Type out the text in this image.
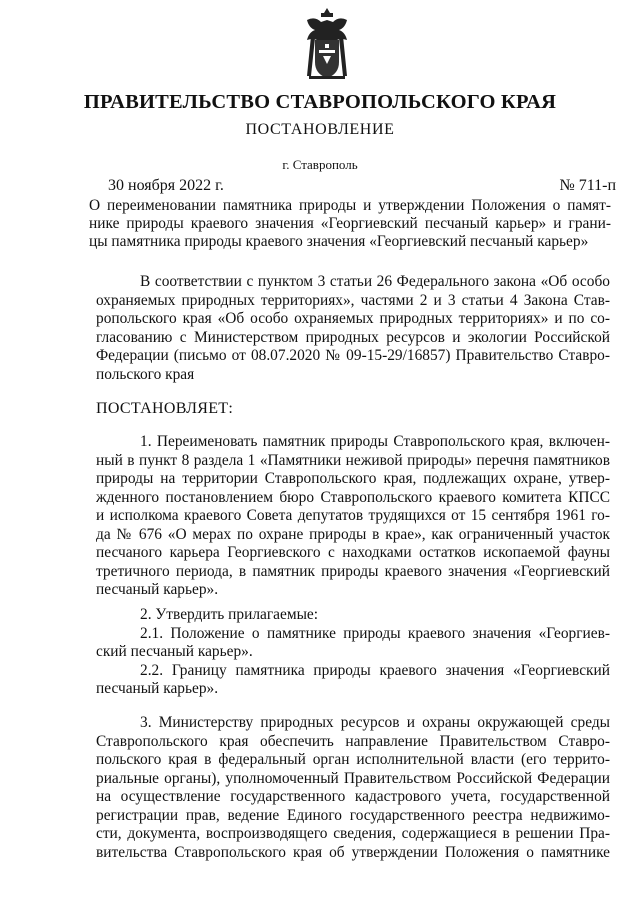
ПРАВИТЕЛЬСТВО СТАВРОПОЛЬСКОГО КРАЯ
ПОСТАНОВЛЕНИЕ
г. Ставрополь
30 ноября 2022 г.	№ 711-п
О переименовании памятника природы и утверждении Положения о памят-
нике природы краевого значения «Георгиевский песчаный карьер» и грани-
цы памятника природы краевого значения «Георгиевский песчаный карьер»
В соответствии с пунктом 3 статьи 26 Федерального закона «Об особо
охраняемых природных территориях», частями 2 и 3 статьи 4 Закона Став-
ропольского края «Об особо охраняемых природных территориях» и по со-
гласованию с Министерством природных ресурсов и экологии Российской
Федерации (письмо от 08.07.2020 № 09-15-29/16857) Правительство Ставро-
польского края
ПОСТАНОВЛЯЕТ:
1. Переименовать памятник природы Ставропольского края, включен-
ный в пункт 8 раздела 1 «Памятники неживой природы» перечня памятников
природы на территории Ставропольского края, подлежащих охране, утвер-
жденного постановлением бюро Ставропольского краевого комитета КПСС
и исполкома краевого Совета депутатов трудящихся от 15 сентября 1961 го-
да № 676 «О мерах по охране природы в крае», как ограниченный участок
песчаного карьера Георгиевского с находками остатков ископаемой фауны
третичного периода, в памятник природы краевого значения «Георгиевский
песчаный карьер».
2. Утвердить прилагаемые:
2.1. Положение о памятнике природы краевого значения «Георгиев-
ский песчаный карьер».
2.2. Границу памятника природы краевого значения «Георгиевский
песчаный карьер».
3. Министерству природных ресурсов и охраны окружающей среды
Ставропольского края обеспечить направление Правительством Ставро-
польского края в федеральный орган исполнительной власти (его террито-
риальные органы), уполномоченный Правительством Российской Федерации
на осуществление государственного кадастрового учета, государственной
регистрации прав, ведение Единого государственного реестра недвижимо-
сти, документа, воспроизводящего сведения, содержащиеся в решении Пра-
вительства Ставропольского края об утверждении Положения о памятнике
